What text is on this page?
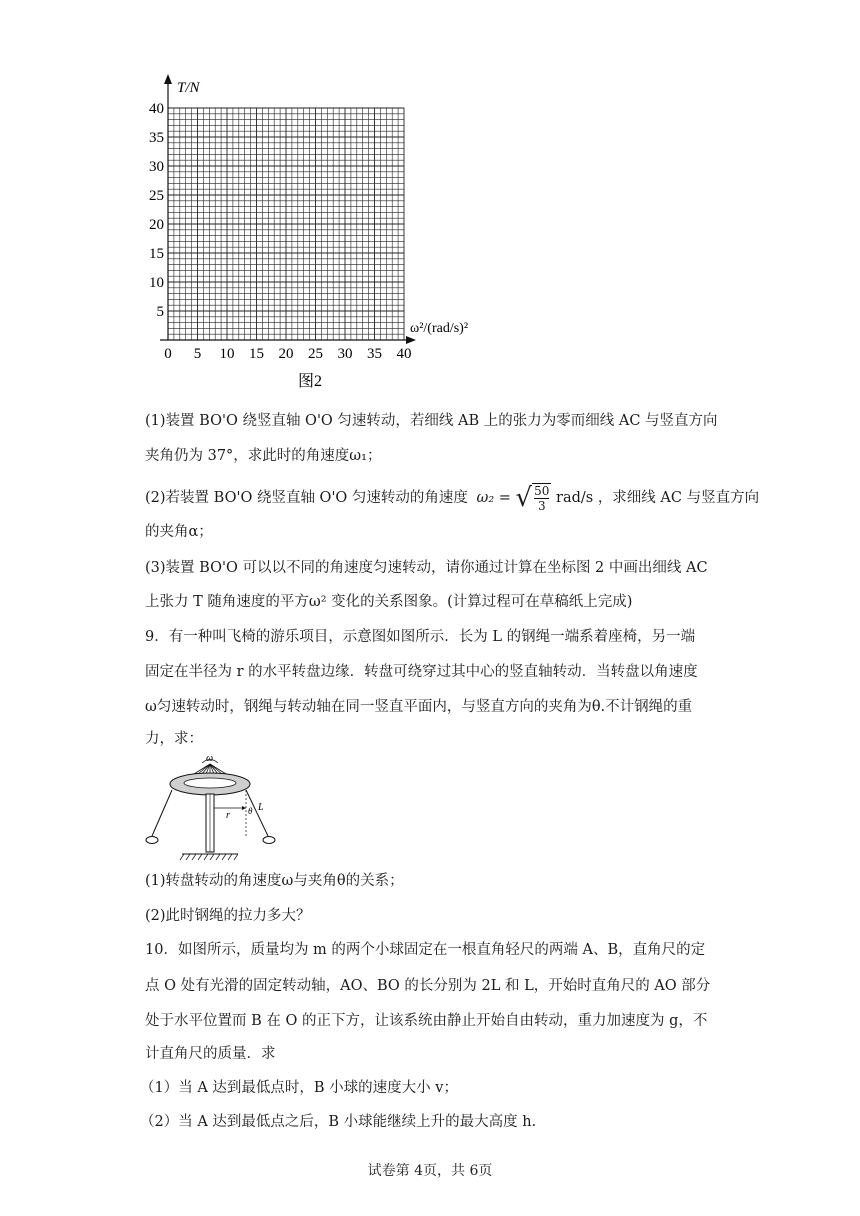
T/N
ω²/(rad/s)²
40
35
30
25
20
15
10
5
0 5 10 15 20 25 30 35 40
图2
(1)装置 BO'O 绕竖直轴 O'O 匀速转动，若细线 AB 上的张力为零而细线 AC 与竖直方向
夹角仍为 37°，求此时的角速度ω₁；
(2)若装置 BO'O 绕竖直轴 O'O 匀速转动的角速度 ω₂ = √ $\frac{50}{3} rad/s$ ，求细线 AC 与竖直方向
的夹角α；
(3)装置 BO'O 可以以不同的角速度匀速转动，请你通过计算在坐标图 2 中画出细线 AC
上张力 T 随角速度的平方ω² 变化的关系图象。(计算过程可在草稿纸上完成)
9．有一种叫飞椅的游乐项目，示意图如图所示．长为 L 的钢绳一端系着座椅，另一端
固定在半径为 r 的水平转盘边缘．转盘可绕穿过其中心的竖直轴转动．当转盘以角速度
ω匀速转动时，钢绳与转动轴在同一竖直平面内，与竖直方向的夹角为θ.不计钢绳的重
力，求：
ω
r θ L
(1)转盘转动的角速度ω与夹角θ的关系；
(2)此时钢绳的拉力多大？
10．如图所示，质量均为 m 的两个小球固定在一根直角轻尺的两端 A、B，直角尺的定
点 O 处有光滑的固定转动轴，AO、BO 的长分别为 2L 和 L，开始时直角尺的 AO 部分
处于水平位置而 B 在 O 的正下方，让该系统由静止开始自由转动，重力加速度为 g，不
计直角尺的质量．求
（1）当 A 达到最低点时，B 小球的速度大小 v；
（2）当 A 达到最低点之后，B 小球能继续上升的最大高度 h.
试卷第 4页，共 6页
